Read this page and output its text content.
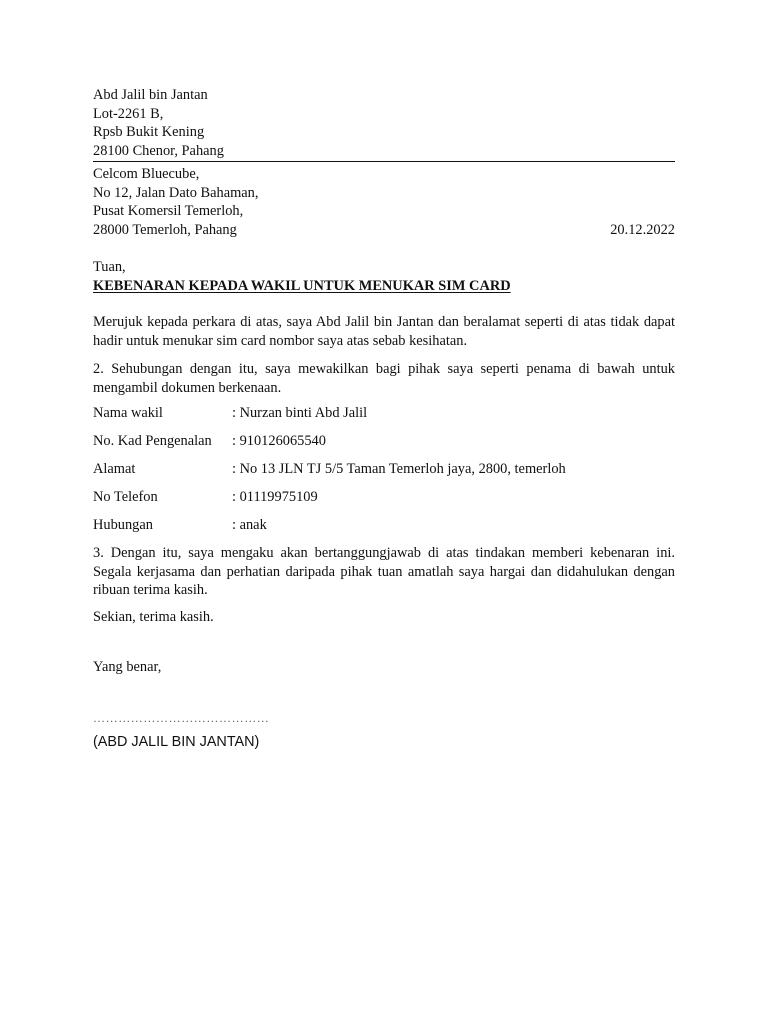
Abd Jalil bin Jantan
Lot-2261 B,
Rpsb Bukit Kening
28100 Chenor, Pahang
Celcom Bluecube,
No 12, Jalan Dato Bahaman,
Pusat Komersil Temerloh,
28000 Temerloh, Pahang	20.12.2022
Tuan,
KEBENARAN KEPADA WAKIL UNTUK MENUKAR SIM CARD
Merujuk kepada perkara di atas, saya Abd Jalil bin Jantan dan beralamat seperti di atas tidak dapat hadir untuk menukar sim card nombor saya atas sebab kesihatan.
2. Sehubungan dengan itu, saya mewakilkan bagi pihak saya seperti penama di bawah untuk mengambil dokumen berkenaan.
Nama wakil	: Nurzan binti Abd Jalil
No. Kad Pengenalan	: 910126065540
Alamat	: No 13 JLN TJ 5/5 Taman Temerloh jaya, 2800, temerloh
No Telefon	: 01119975109
Hubungan	: anak
3. Dengan itu, saya mengaku akan bertanggungjawab di atas tindakan memberi kebenaran ini. Segala kerjasama dan perhatian daripada pihak tuan amatlah saya hargai dan didahulukan dengan ribuan terima kasih.
Sekian, terima kasih.
Yang benar,
……………………………………
(ABD JALIL BIN JANTAN)
